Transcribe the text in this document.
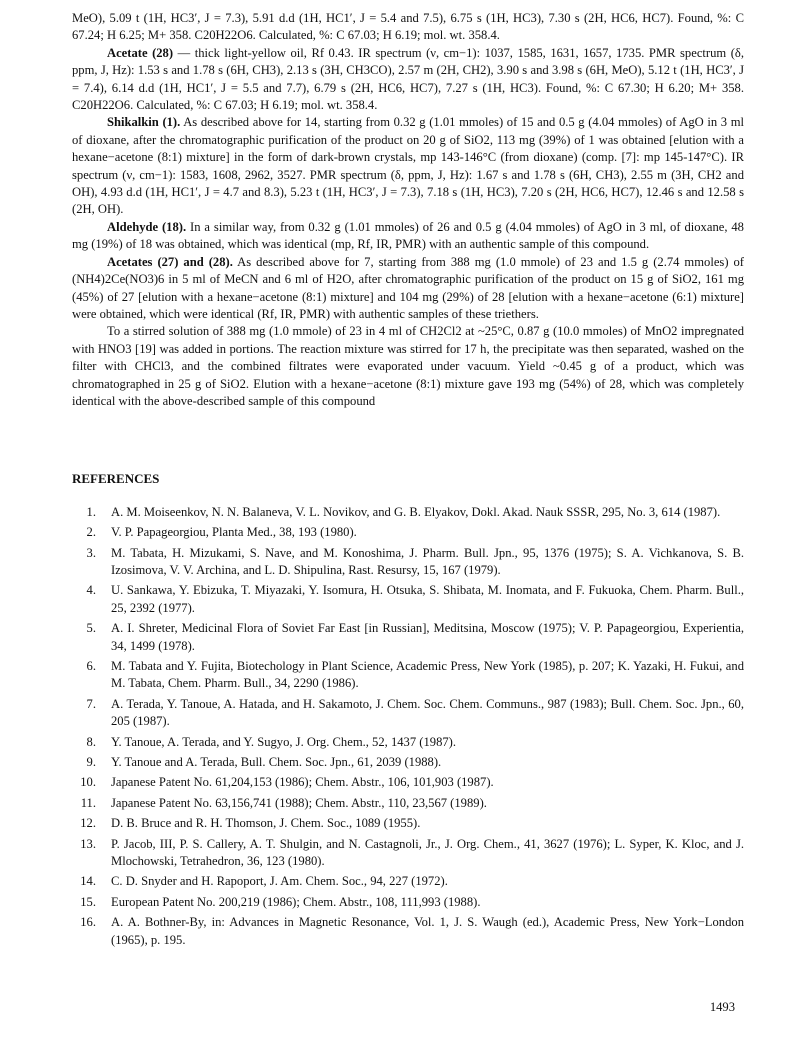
MeO), 5.09 t (1H, HC3′, J = 7.3), 5.91 d.d (1H, HC1′, J = 5.4 and 7.5), 6.75 s (1H, HC3), 7.30 s (2H, HC6, HC7). Found, %: C 67.24; H 6.25; M+ 358. C20H22O6. Calculated, %: C 67.03; H 6.19; mol. wt. 358.4.

Acetate (28) — thick light-yellow oil, Rf 0.43. IR spectrum (ν, cm−1): 1037, 1585, 1631, 1657, 1735. PMR spectrum (δ, ppm, J, Hz): 1.53 s and 1.78 s (6H, CH3), 2.13 s (3H, CH3CO), 2.57 m (2H, CH2), 3.90 s and 3.98 s (6H, MeO), 5.12 t (1H, HC3′, J = 7.4), 6.14 d.d (1H, HC1′, J = 5.5 and 7.7), 6.79 s (2H, HC6, HC7), 7.27 s (1H, HC3). Found, %: C 67.30; H 6.20; M+ 358. C20H22O6. Calculated, %: C 67.03; H 6.19; mol. wt. 358.4.

Shikalkin (1). As described above for 14, starting from 0.32 g (1.01 mmoles) of 15 and 0.5 g (4.04 mmoles) of AgO in 3 ml of dioxane, after the chromatographic purification of the product on 20 g of SiO2, 113 mg (39%) of 1 was obtained [elution with a hexane−acetone (8:1) mixture] in the form of dark-brown crystals, mp 143-146°C (from dioxane) (comp. [7]: mp 145-147°C). IR spectrum (ν, cm−1): 1583, 1608, 2962, 3527. PMR spectrum (δ, ppm, J, Hz): 1.67 s and 1.78 s (6H, CH3), 2.55 m (3H, CH2 and OH), 4.93 d.d (1H, HC1′, J = 4.7 and 8.3), 5.23 t (1H, HC3′, J = 7.3), 7.18 s (1H, HC3), 7.20 s (2H, HC6, HC7), 12.46 s and 12.58 s (2H, OH).

Aldehyde (18). In a similar way, from 0.32 g (1.01 mmoles) of 26 and 0.5 g (4.04 mmoles) of AgO in 3 ml, of dioxane, 48 mg (19%) of 18 was obtained, which was identical (mp, Rf, IR, PMR) with an authentic sample of this compound.

Acetates (27) and (28). As described above for 7, starting from 388 mg (1.0 mmole) of 23 and 1.5 g (2.74 mmoles) of (NH4)2Ce(NO3)6 in 5 ml of MeCN and 6 ml of H2O, after chromatographic purification of the product on 15 g of SiO2, 161 mg (45%) of 27 [elution with a hexane−acetone (8:1) mixture] and 104 mg (29%) of 28 [elution with a hexane−acetone (6:1) mixture] were obtained, which were identical (Rf, IR, PMR) with authentic samples of these triethers.

To a stirred solution of 388 mg (1.0 mmole) of 23 in 4 ml of CH2Cl2 at ~25°C, 0.87 g (10.0 mmoles) of MnO2 impregnated with HNO3 [19] was added in portions. The reaction mixture was stirred for 17 h, the precipitate was then separated, washed on the filter with CHCl3, and the combined filtrates were evaporated under vacuum. Yield ~0.45 g of a product, which was chromatographed in 25 g of SiO2. Elution with a hexane−acetone (8:1) mixture gave 193 mg (54%) of 28, which was completely identical with the above-described sample of this compound

REFERENCES
1. A. M. Moiseenkov, N. N. Balaneva, V. L. Novikov, and G. B. Elyakov, Dokl. Akad. Nauk SSSR, 295, No. 3, 614 (1987).
2. V. P. Papageorgiou, Planta Med., 38, 193 (1980).
3. M. Tabata, H. Mizukami, S. Nave, and M. Konoshima, J. Pharm. Bull. Jpn., 95, 1376 (1975); S. A. Vichkanova, S. B. Izosimova, V. V. Archina, and L. D. Shipulina, Rast. Resursy, 15, 167 (1979).
4. U. Sankawa, Y. Ebizuka, T. Miyazaki, Y. Isomura, H. Otsuka, S. Shibata, M. Inomata, and F. Fukuoka, Chem. Pharm. Bull., 25, 2392 (1977).
5. A. I. Shreter, Medicinal Flora of Soviet Far East [in Russian], Meditsina, Moscow (1975); V. P. Papageorgiou, Experientia, 34, 1499 (1978).
6. M. Tabata and Y. Fujita, Biotechology in Plant Science, Academic Press, New York (1985), p. 207; K. Yazaki, H. Fukui, and M. Tabata, Chem. Pharm. Bull., 34, 2290 (1986).
7. A. Terada, Y. Tanoue, A. Hatada, and H. Sakamoto, J. Chem. Soc. Chem. Communs., 987 (1983); Bull. Chem. Soc. Jpn., 60, 205 (1987).
8. Y. Tanoue, A. Terada, and Y. Sugyo, J. Org. Chem., 52, 1437 (1987).
9. Y. Tanoue and A. Terada, Bull. Chem. Soc. Jpn., 61, 2039 (1988).
10. Japanese Patent No. 61,204,153 (1986); Chem. Abstr., 106, 101,903 (1987).
11. Japanese Patent No. 63,156,741 (1988); Chem. Abstr., 110, 23,567 (1989).
12. D. B. Bruce and R. H. Thomson, J. Chem. Soc., 1089 (1955).
13. P. Jacob, III, P. S. Callery, A. T. Shulgin, and N. Castagnoli, Jr., J. Org. Chem., 41, 3627 (1976); L. Syper, K. Kloc, and J. Mlochowski, Tetrahedron, 36, 123 (1980).
14. C. D. Snyder and H. Rapoport, J. Am. Chem. Soc., 94, 227 (1972).
15. European Patent No. 200,219 (1986); Chem. Abstr., 108, 111,993 (1988).
16. A. A. Bothner-By, in: Advances in Magnetic Resonance, Vol. 1, J. S. Waugh (ed.), Academic Press, New York−London (1965), p. 195.
1493
